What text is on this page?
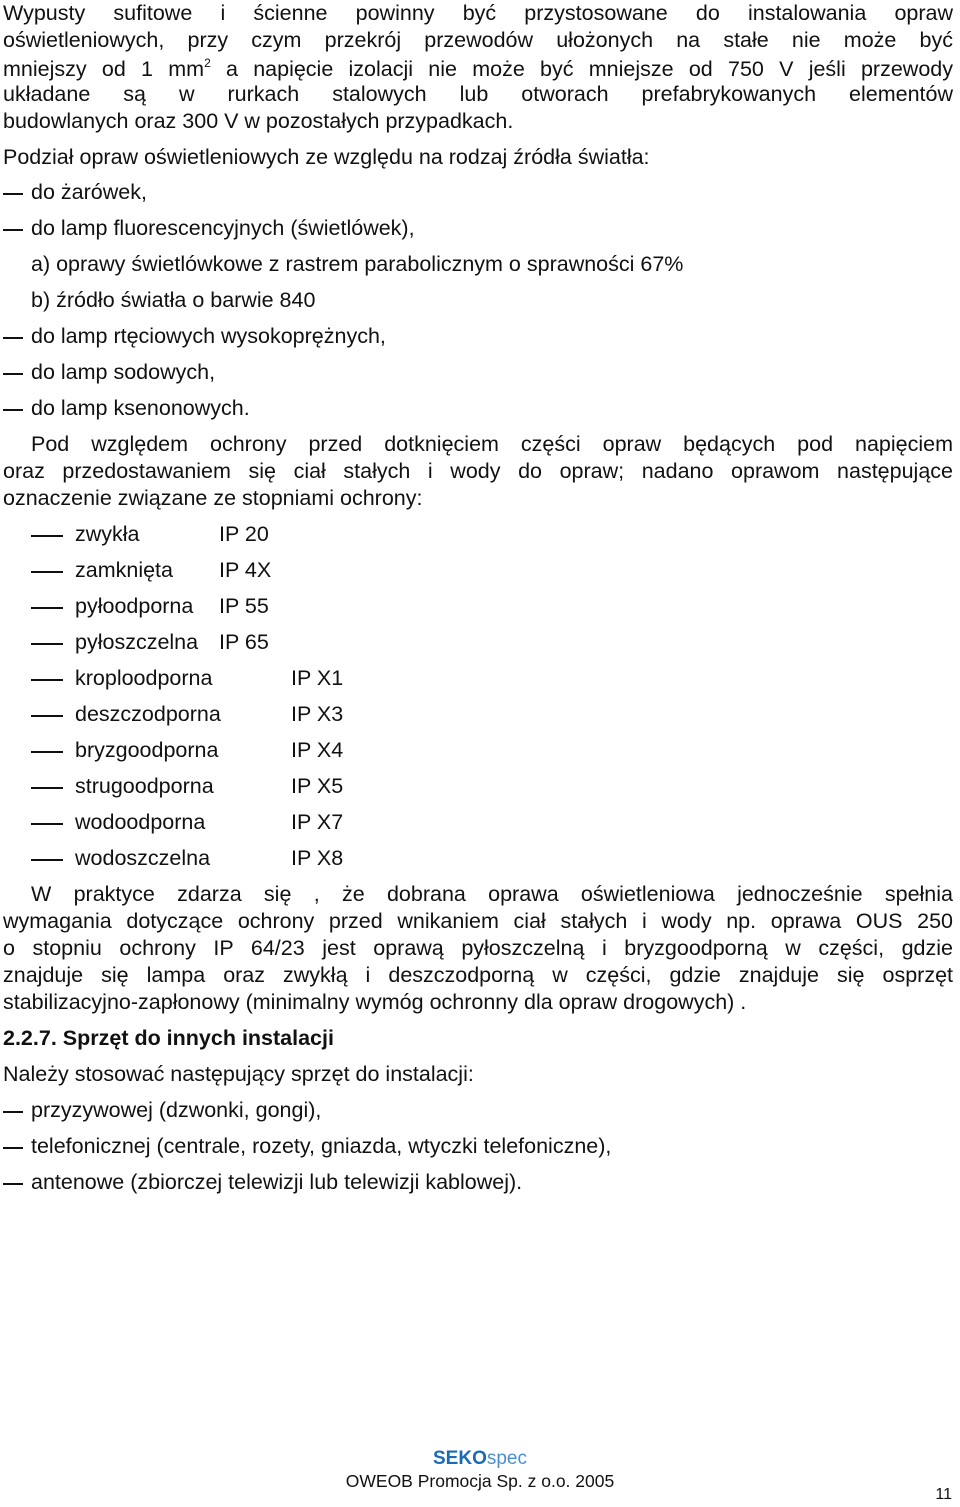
Wypusty sufitowe i ścienne powinny być przystosowane do instalowania opraw
oświetleniowych, przy czym przekrój przewodów ułożonych na stałe nie może być
mniejszy od 1 $mm^2$ a napięcie izolacji nie może być mniejsze od 750 V jeśli przewody
układane są w rurkach stalowych lub otworach prefabrykowanych elementów
budowlanych oraz 300 V w pozostałych przypadkach.
Podział opraw oświetleniowych ze względu na rodzaj źródła światła:
do żarówek,
do lamp fluorescencyjnych (świetlówek),
a) oprawy świetlówkowe z rastrem parabolicznym o sprawności 67%
b) źródło światła o barwie 840
do lamp rtęciowych wysokoprężnych,
do lamp sodowych,
do lamp ksenonowych.
Pod względem ochrony przed dotknięciem części opraw będących pod napięciem
oraz przedostawaniem się ciał stałych i wody do opraw; nadano oprawom następujące
oznaczenie związane ze stopniami ochrony:
zwykła	IP 20
zamknięta IP 4X
pyłoodporna IP 55
pyłoszczelna IP 65
kroploodporna	IP X1
deszczodporna	IP X3
bryzgoodporna	IP X4
strugoodporna	IP X5
wodoodporna	IP X7
wodoszczelna	IP X8
W praktyce zdarza się , że dobrana oprawa oświetleniowa jednocześnie spełnia
wymagania dotyczące ochrony przed wnikaniem ciał stałych i wody np. oprawa OUS 250
o stopniu ochrony IP 64/23 jest oprawą pyłoszczelną i bryzgoodporną w części, gdzie
znajduje się lampa oraz zwykłą i deszczodporną w części, gdzie znajduje się osprzęt
stabilizacyjno-zapłonowy (minimalny wymóg ochronny dla opraw drogowych) .
2.2.7. Sprzęt do innych instalacji
Należy stosować następujący sprzęt do instalacji:
przyzywowej (dzwonki, gongi),
telefonicznej (centrale, rozety, gniazda, wtyczki telefoniczne),
antenowe (zbiorczej telewizji lub telewizji kablowej).
SEKOspec
OWEOB Promocja Sp. z o.o. 2005
11
